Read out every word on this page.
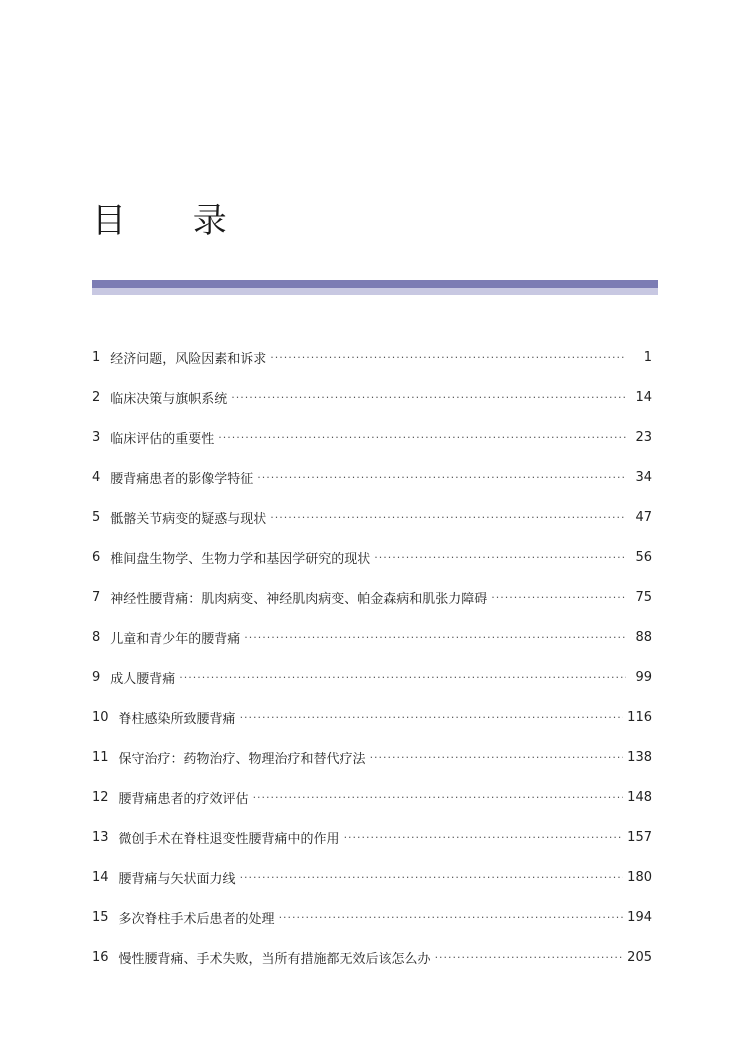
目 录
1 经济问题，风险因素和诉求 ·····	1
2 临床决策与旗帜系统 ·····	14
3 临床评估的重要性 ·····	23
4 腰背痛患者的影像学特征 ·····	34
5 骶髂关节病变的疑惑与现状 ·····	47
6 椎间盘生物学、生物力学和基因学研究的现状 ·····	56
7 神经性腰背痛：肌肉病变、神经肌肉病变、帕金森病和肌张力障碍 ·····	75
8 儿童和青少年的腰背痛 ·····	88
9 成人腰背痛 ·····	99
10 脊柱感染所致腰背痛 ·····	116
11 保守治疗：药物治疗、物理治疗和替代疗法 ·····	138
12 腰背痛患者的疗效评估 ·····	148
13 微创手术在脊柱退变性腰背痛中的作用 ·····	157
14 腰背痛与矢状面力线 ·····	180
15 多次脊柱手术后患者的处理 ·····	194
16 慢性腰背痛、手术失败，当所有措施都无效后该怎么办 ·····	205
